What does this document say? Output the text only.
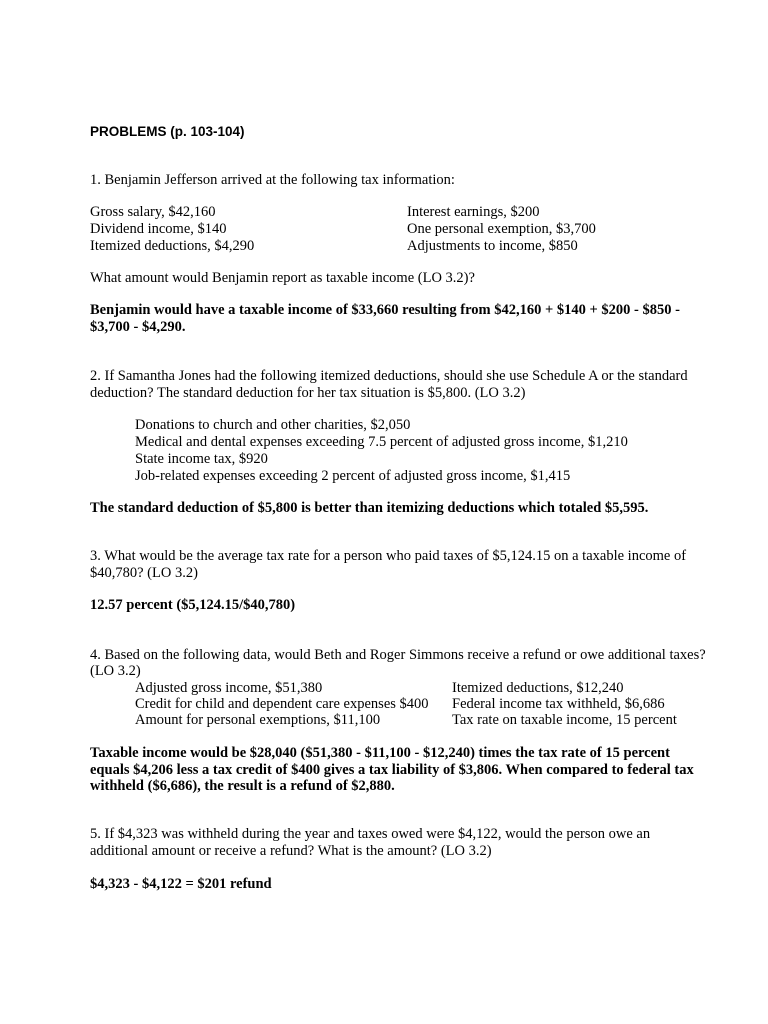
PROBLEMS (p. 103-104)
1. Benjamin Jefferson arrived at the following tax information:
Gross salary, $42,160
Dividend income, $140
Itemized deductions, $4,290
Interest earnings, $200
One personal exemption, $3,700
Adjustments to income, $850
What amount would Benjamin report as taxable income (LO 3.2)?
Benjamin would have a taxable income of $33,660 resulting from $42,160 + $140 + $200 - $850 -
$3,700 - $4,290.
2. If Samantha Jones had the following itemized deductions, should she use Schedule A or the standard
deduction? The standard deduction for her tax situation is $5,800. (LO 3.2)
Donations to church and other charities, $2,050
Medical and dental expenses exceeding 7.5 percent of adjusted gross income, $1,210
State income tax, $920
Job-related expenses exceeding 2 percent of adjusted gross income, $1,415
The standard deduction of $5,800 is better than itemizing deductions which totaled $5,595.
3. What would be the average tax rate for a person who paid taxes of $5,124.15 on a taxable income of
$40,780? (LO 3.2)
12.57 percent ($5,124.15/$40,780)
4. Based on the following data, would Beth and Roger Simmons receive a refund or owe additional taxes?
(LO 3.2)
Adjusted gross income, $51,380
Credit for child and dependent care expenses $400
Amount for personal exemptions, $11,100
Itemized deductions, $12,240
Federal income tax withheld, $6,686
Tax rate on taxable income, 15 percent
Taxable income would be $28,040 ($51,380 - $11,100 - $12,240) times the tax rate of 15 percent
equals $4,206 less a tax credit of $400 gives a tax liability of $3,806. When compared to federal tax
withheld ($6,686), the result is a refund of $2,880.
5. If $4,323 was withheld during the year and taxes owed were $4,122, would the person owe an
additional amount or receive a refund? What is the amount? (LO 3.2)
$4,323 - $4,122 = $201 refund
